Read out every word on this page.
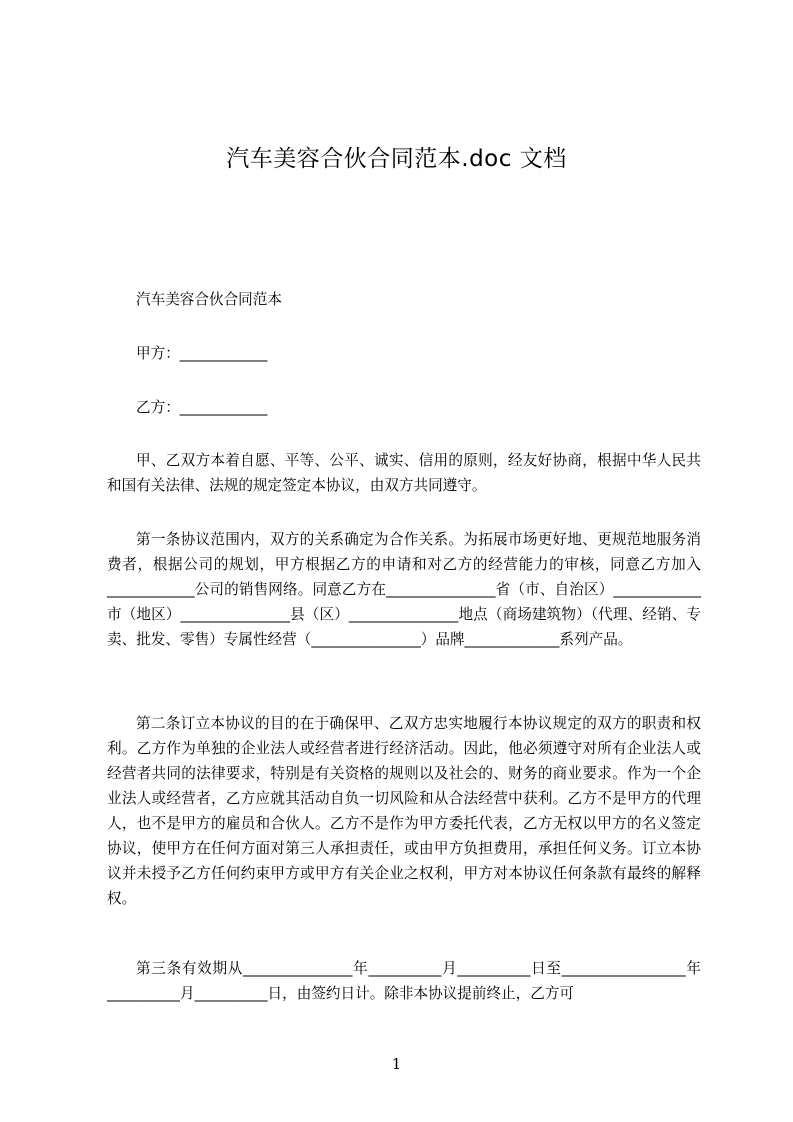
汽车美容合伙合同范本.doc 文档
汽车美容合伙合同范本
甲方：____________
乙方：____________

甲、乙双方本着自愿、平等、公平、诚实、信用的原则，经友好协商，根据中华人民共和国有关法律、法规的规定签定本协议，由双方共同遵守。

第一条协议范围内，双方的关系确定为合作关系。为拓展市场更好地、更规范地服务消费者，根据公司的规划，甲方根据乙方的申请和对乙方的经营能力的审核，同意乙方加入____________公司的销售网络。同意乙方在_______________省（市、自治区）____________市（地区）_______________县（区）_______________地点（商场建筑物）（代理、经销、专卖、批发、零售）专属性经营（_______________）品牌_____________系列产品。

第二条订立本协议的目的在于确保甲、乙双方忠实地履行本协议规定的双方的职责和权利。乙方作为单独的企业法人或经营者进行经济活动。因此，他必须遵守对所有企业法人或经营者共同的法律要求，特别是有关资格的规则以及社会的、财务的商业要求。作为一个企业法人或经营者，乙方应就其活动自负一切风险和从合法经营中获利。乙方不是甲方的代理人，也不是甲方的雇员和合伙人。乙方不是作为甲方委托代表，乙方无权以甲方的名义签定协议，使甲方在任何方面对第三人承担责任，或由甲方负担费用，承担任何义务。订立本协议并未授予乙方任何约束甲方或甲方有关企业之权利，甲方对本协议任何条款有最终的解释权。

第三条有效期从_______________年__________月__________日至_________________年__________月__________日，由签约日计。除非本协议提前终止，乙方可

1
